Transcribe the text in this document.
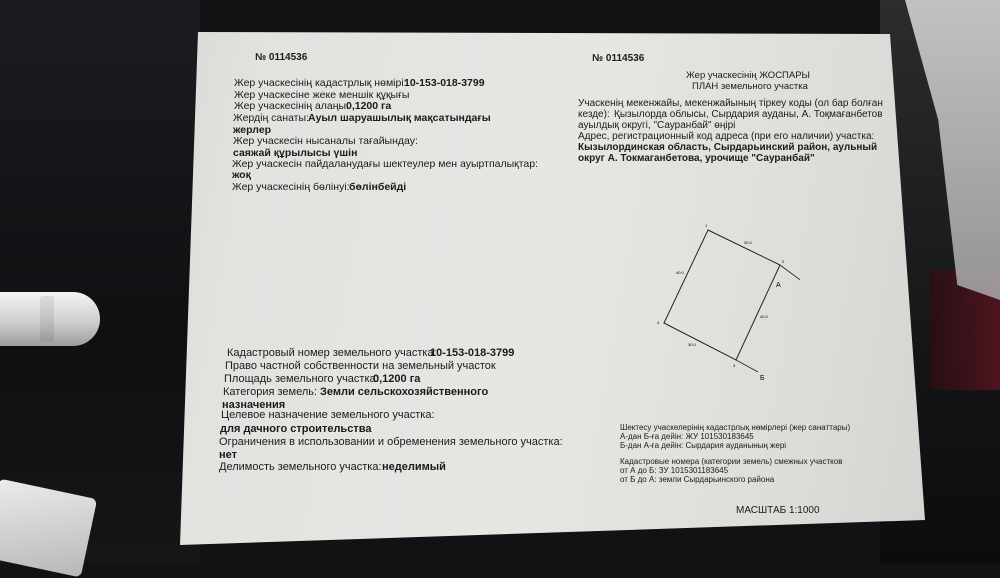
№ 0114536
Жер учаскесінің кадастрлық нөмірі:
10-153-018-3799
Жер учаскесіне жеке меншік құқығы
Жер учаскесінің алаңы:
0,1200 га
Жердің санаты: Ауыл шаруашылық мақсатындағы
жерлер
Жер учаскесін нысаналы тағайындау:
саяжай құрылысы үшін
Жер учаскесін пайдаланудағы шектеулер мен ауыртпалықтар:
жоқ
Жер учаскесінің бөлінуі: бөлінбейді
Кадастровый номер земельного участка:
10-153-018-3799
Право частной собственности на земельный участок
Площадь земельного участка:
0,1200 га
Категория земель: Земли сельскохозяйственного
назначения
Целевое назначение земельного участка:
для дачного строительства
Ограничения в использовании и обременения земельного участка:
нет
Делимость земельного участка: неделимый
№ 0114536
Жер учаскесінің ЖОСПАРЫ
ПЛАН земельного участка
Учаскенің мекенжайы, мекенжайының тіркеу коды (ол бар болған
кезде): Қызылорда облысы, Сырдария ауданы, А. Тоқмағанбетов
ауылдық округі, "Сауранбай" өңірі
Адрес, регистрационный код адреса (при его наличии) участка:
Кызылординская область, Сырдарьинский район, аульный
округ А. Токмаганбетова, урочище "Сауранбай"
А
Б
30.0
40.0
40.0
30.0
1
2
3
4
Шектесу учаскелерінің кадастрлық нөмірлері (жер санаттары)
А-дан Б-ға дейін: ЖУ 101530183645
Б-дан А-ға дейін: Сырдария ауданының жері
Кадастровые номера (категории земель) смежных участков
от А до Б: ЗУ 1015301183645
от Б до А: земли Сырдарьинского района
МАСШТАБ 1:1000
